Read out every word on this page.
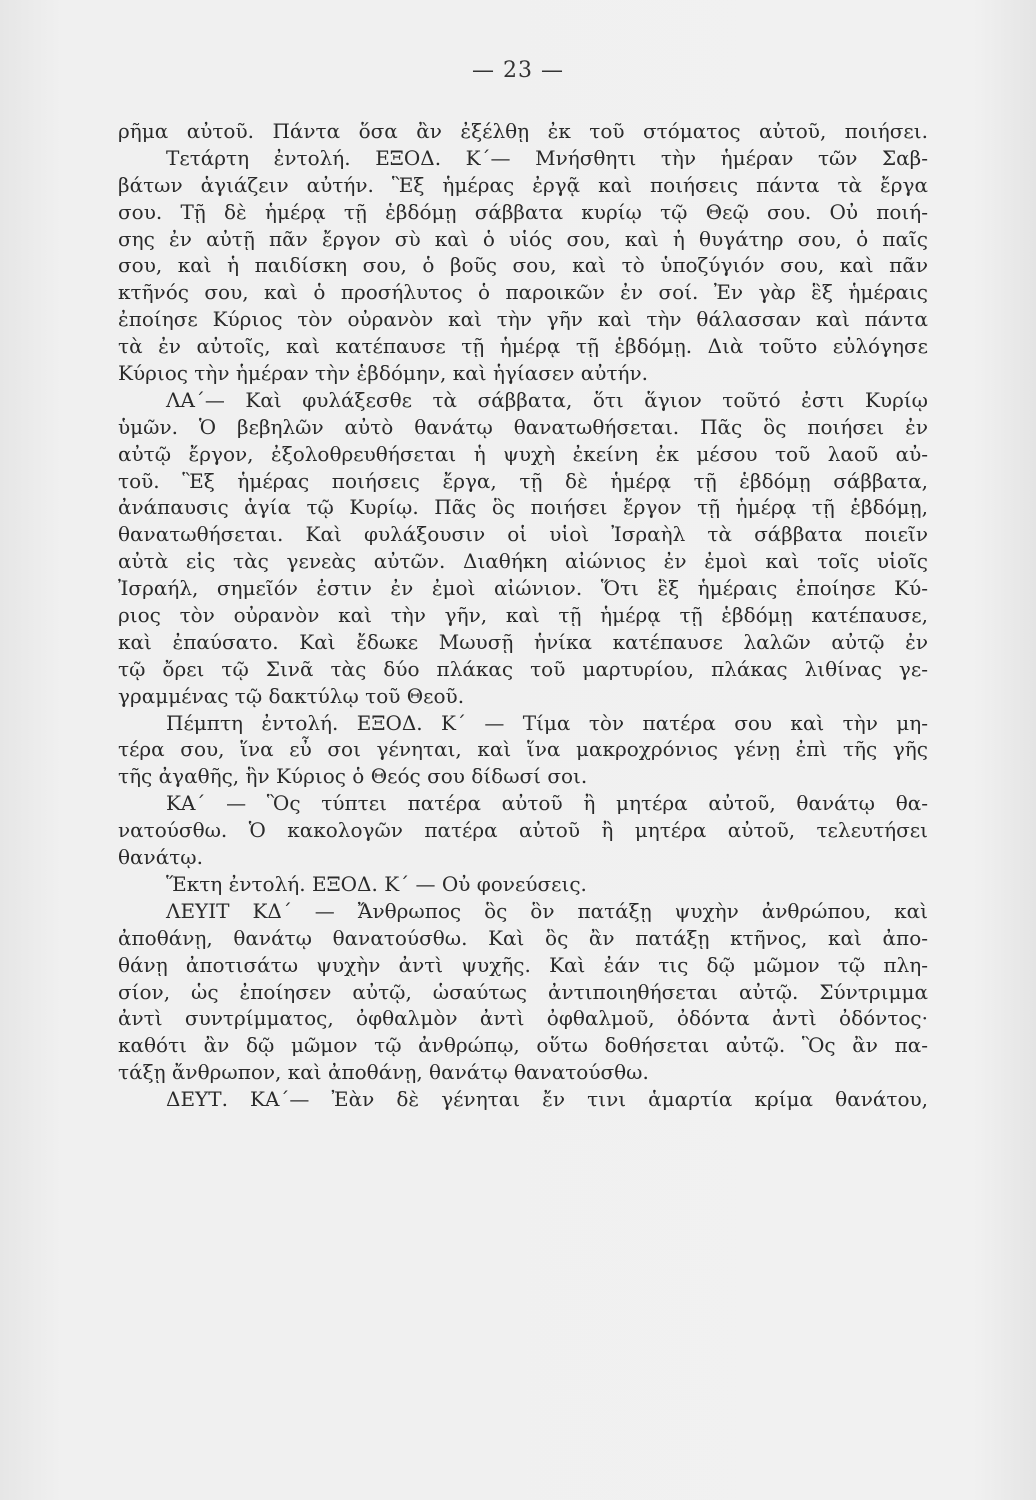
— 23 —
ρῆμα αὐτοῦ. Πάντα ὅσα ἂν ἐξέλθῃ ἐκ τοῦ στόματος αὐτοῦ, ποιήσει.
Τετάρτη ἐντολή. ΕΞΟΔ. Κ΄— Μνήσθητι τὴν ἡμέραν τῶν Σαβ-
βάτων ἁγιάζειν αὐτήν. Ἓξ ἡμέρας ἐργᾷ καὶ ποιήσεις πάντα τὰ ἔργα
σου. Τῇ δὲ ἡμέρᾳ τῇ ἑβδόμῃ σάββατα κυρίῳ τῷ Θεῷ σου. Οὐ ποιή-
σης ἐν αὐτῇ πᾶν ἔργον σὺ καὶ ὁ υἱός σου, καὶ ἡ θυγάτηρ σου, ὁ παῖς
σου, καὶ ἡ παιδίσκη σου, ὁ βοῦς σου, καὶ τὸ ὑποζύγιόν σου, καὶ πᾶν
κτῆνός σου, καὶ ὁ προσήλυτος ὁ παροικῶν ἐν σοί. Ἐν γὰρ ἓξ ἡμέραις
ἐποίησε Κύριος τὸν οὐρανὸν καὶ τὴν γῆν καὶ τὴν θάλασσαν καὶ πάντα
τὰ ἐν αὐτοῖς, καὶ κατέπαυσε τῇ ἡμέρᾳ τῇ ἑβδόμῃ. Διὰ τοῦτο εὐλόγησε
Κύριος τὴν ἡμέραν τὴν ἑβδόμην, καὶ ἡγίασεν αὐτήν.
ΛΑ΄— Καὶ φυλάξεσθε τὰ σάββατα, ὅτι ἅγιον τοῦτό ἐστι Κυρίῳ
ὑμῶν. Ὁ βεβηλῶν αὐτὸ θανάτῳ θανατωθήσεται. Πᾶς ὃς ποιήσει ἐν
αὐτῷ ἔργον, ἐξολοθρευθήσεται ἡ ψυχὴ ἐκείνη ἐκ μέσου τοῦ λαοῦ αὐ-
τοῦ. Ἓξ ἡμέρας ποιήσεις ἔργα, τῇ δὲ ἡμέρᾳ τῇ ἑβδόμῃ σάββατα,
ἀνάπαυσις ἁγία τῷ Κυρίῳ. Πᾶς ὃς ποιήσει ἔργον τῇ ἡμέρᾳ τῇ ἑβδόμῃ,
θανατωθήσεται. Καὶ φυλάξουσιν οἱ υἱοὶ Ἰσραὴλ τὰ σάββατα ποιεῖν
αὐτὰ εἰς τὰς γενεὰς αὐτῶν. Διαθήκη αἰώνιος ἐν ἐμοὶ καὶ τοῖς υἱοῖς
Ἰσραήλ, σημεῖόν ἐστιν ἐν ἐμοὶ αἰώνιον. Ὅτι ἓξ ἡμέραις ἐποίησε Κύ-
ριος τὸν οὐρανὸν καὶ τὴν γῆν, καὶ τῇ ἡμέρᾳ τῇ ἑβδόμῃ κατέπαυσε,
καὶ ἐπαύσατο. Καὶ ἔδωκε Μωυσῇ ἡνίκα κατέπαυσε λαλῶν αὐτῷ ἐν
τῷ ὄρει τῷ Σινᾶ τὰς δύο πλάκας τοῦ μαρτυρίου, πλάκας λιθίνας γε-
γραμμένας τῷ δακτύλῳ τοῦ Θεοῦ.
Πέμπτη ἐντολή. ΕΞΟΔ. Κ΄ — Τίμα τὸν πατέρα σου καὶ τὴν μη-
τέρα σου, ἵνα εὖ σοι γένηται, καὶ ἵνα μακροχρόνιος γένῃ ἐπὶ τῆς γῆς
τῆς ἀγαθῆς, ἣν Κύριος ὁ Θεός σου δίδωσί σοι.
ΚΑ΄ — Ὃς τύπτει πατέρα αὐτοῦ ἢ μητέρα αὐτοῦ, θανάτῳ θα-
νατούσθω. Ὁ κακολογῶν πατέρα αὐτοῦ ἢ μητέρα αὐτοῦ, τελευτήσει
θανάτῳ.
Ἕκτη ἐντολή. ΕΞΟΔ. Κ΄ — Οὐ φονεύσεις.
ΛΕΥΙΤ ΚΔ΄ — Ἄνθρωπος ὃς ὃν πατάξῃ ψυχὴν ἀνθρώπου, καὶ
ἀποθάνῃ, θανάτῳ θανατούσθω. Καὶ ὃς ἂν πατάξῃ κτῆνος, καὶ ἀπο-
θάνῃ ἀποτισάτω ψυχὴν ἀντὶ ψυχῆς. Καὶ ἐάν τις δῷ μῶμον τῷ πλη-
σίον, ὡς ἐποίησεν αὐτῷ, ὡσαύτως ἀντιποιηθήσεται αὐτῷ. Σύντριμμα
ἀντὶ συντρίμματος, ὀφθαλμὸν ἀντὶ ὀφθαλμοῦ, ὀδόντα ἀντὶ ὀδόντος·
καθότι ἂν δῷ μῶμον τῷ ἀνθρώπῳ, οὕτω δοθήσεται αὐτῷ. Ὃς ἂν πα-
τάξῃ ἄνθρωπον, καὶ ἀποθάνῃ, θανάτῳ θανατούσθω.
ΔΕΥΤ. ΚΑ΄— Ἐὰν δὲ γένηται ἔν τινι ἁμαρτία κρίμα θανάτου,
